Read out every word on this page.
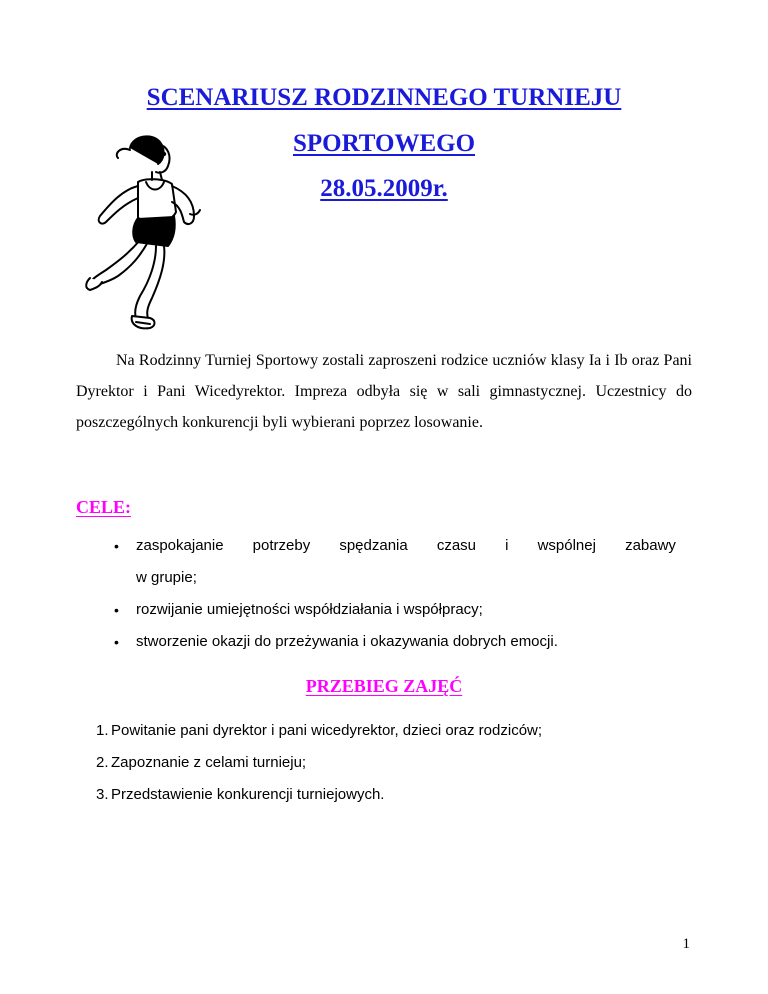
SCENARIUSZ RODZINNEGO TURNIEJU
SPORTOWEGO
28.05.2009r.

Na Rodzinny Turniej Sportowy zostali zaproszeni rodzice uczniów klasy Ia i Ib oraz Pani Dyrektor i Pani Wicedyrektor. Impreza odbyła się w sali gimnastycznej. Uczestnicy do poszczególnych konkurencji byli wybierani poprzez losowanie.

CELE:
• zaspokajanie potrzeby spędzania czasu i wspólnej zabawy
w grupie;
• rozwijanie umiejętności współdziałania i współpracy;
• stworzenie okazji do przeżywania i okazywania dobrych emocji.
PRZEBIEG ZAJĘĆ
1. Powitanie pani dyrektor i pani wicedyrektor, dzieci oraz rodziców;
2. Zapoznanie z celami turnieju;
3. Przedstawienie konkurencji turniejowych.
1
